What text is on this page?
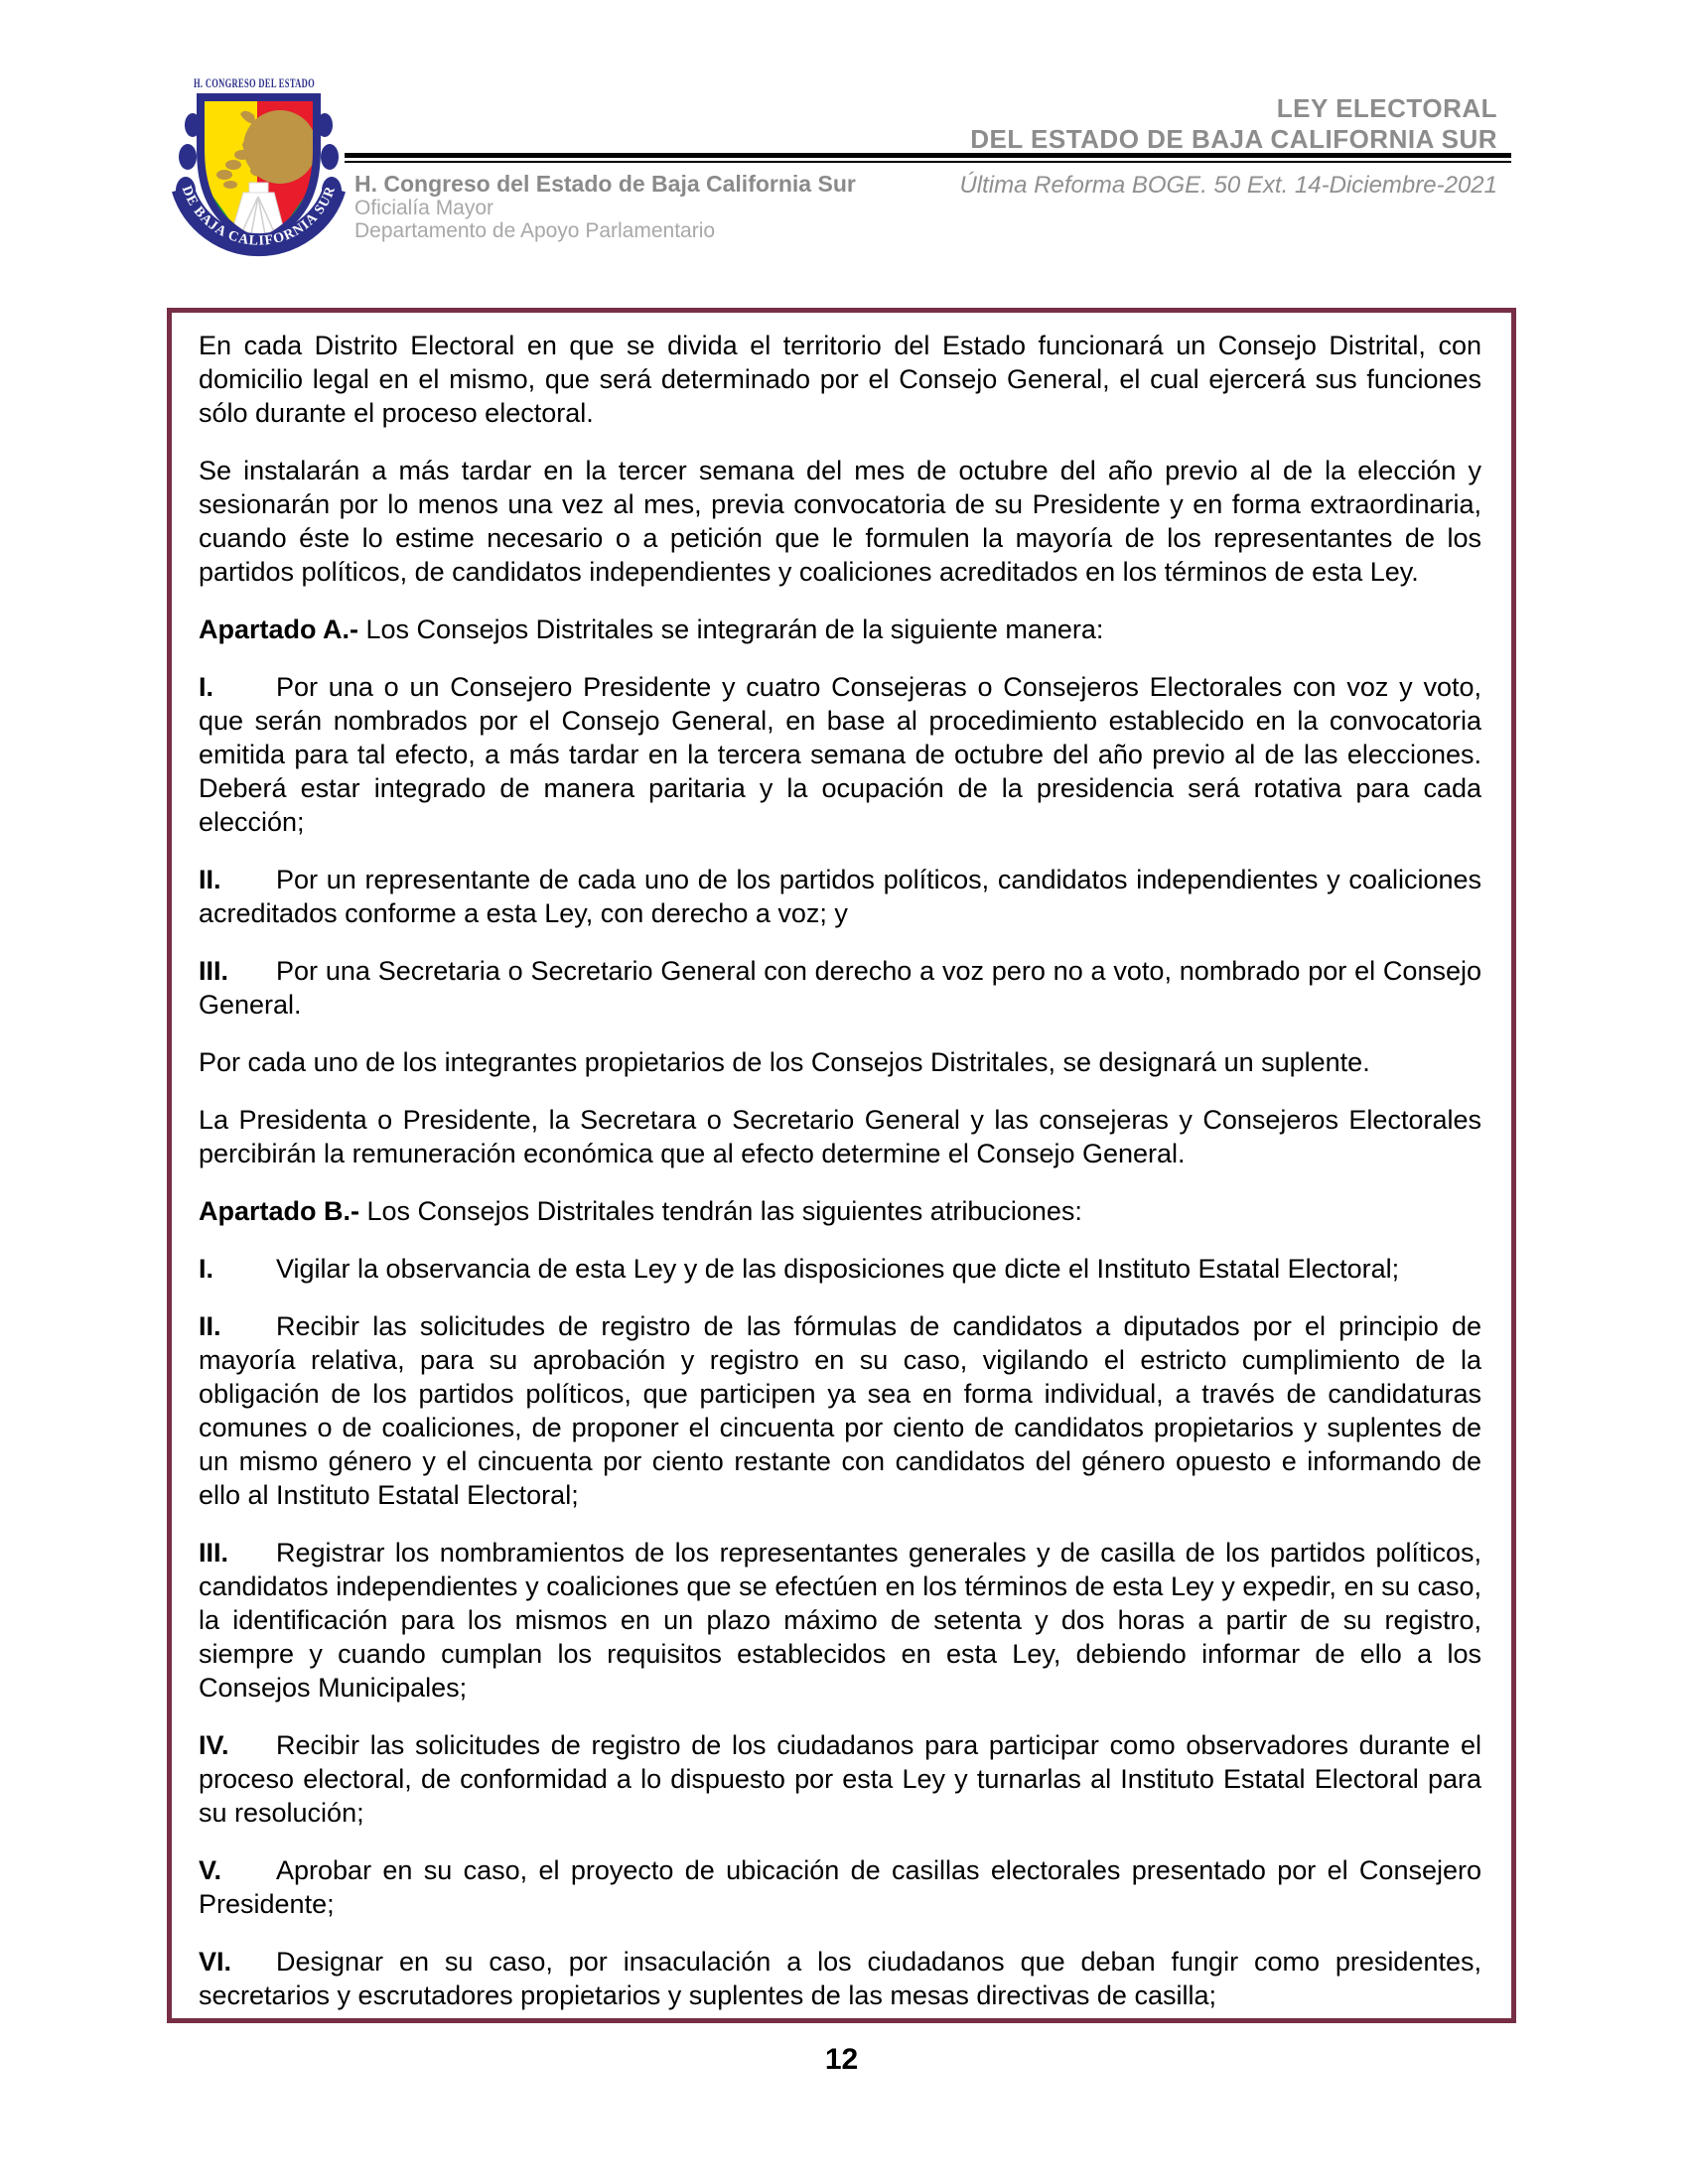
H. CONGRESO DEL ESTADO
DE BAJA CALIFORNIA SUR H. Congreso del Estado de Baja California Sur
Oficialía Mayor
Departamento de Apoyo Parlamentario
LEY ELECTORAL
DEL ESTADO DE BAJA CALIFORNIA SUR
Última Reforma BOGE. 50 Ext. 14-Diciembre-2021

En cada Distrito Electoral en que se divida el territorio del Estado funcionará un Consejo Distrital, con domicilio legal en el mismo, que será determinado por el Consejo General, el cual ejercerá sus funciones sólo durante el proceso electoral.

Se instalarán a más tardar en la tercer semana del mes de octubre del año previo al de la elección y sesionarán por lo menos una vez al mes, previa convocatoria de su Presidente y en forma extraordinaria, cuando éste lo estime necesario o a petición que le formulen la mayoría de los representantes de los partidos políticos, de candidatos independientes y coaliciones acreditados en los términos de esta Ley.

Apartado A.- Los Consejos Distritales se integrarán de la siguiente manera:

I. Por una o un Consejero Presidente y cuatro Consejeras o Consejeros Electorales con voz y voto, que serán nombrados por el Consejo General, en base al procedimiento establecido en la convocatoria emitida para tal efecto, a más tardar en la tercera semana de octubre del año previo al de las elecciones. Deberá estar integrado de manera paritaria y la ocupación de la presidencia será rotativa para cada elección;

II. Por un representante de cada uno de los partidos políticos, candidatos independientes y coaliciones acreditados conforme a esta Ley, con derecho a voz; y

III. Por una Secretaria o Secretario General con derecho a voz pero no a voto, nombrado por el Consejo General.

Por cada uno de los integrantes propietarios de los Consejos Distritales, se designará un suplente.

La Presidenta o Presidente, la Secretara o Secretario General y las consejeras y Consejeros Electorales percibirán la remuneración económica que al efecto determine el Consejo General.

Apartado B.- Los Consejos Distritales tendrán las siguientes atribuciones:

I. Vigilar la observancia de esta Ley y de las disposiciones que dicte el Instituto Estatal Electoral;

II. Recibir las solicitudes de registro de las fórmulas de candidatos a diputados por el principio de mayoría relativa, para su aprobación y registro en su caso, vigilando el estricto cumplimiento de la obligación de los partidos políticos, que participen ya sea en forma individual, a través de candidaturas comunes o de coaliciones, de proponer el cincuenta por ciento de candidatos propietarios y suplentes de un mismo género y el cincuenta por ciento restante con candidatos del género opuesto e informando de ello al Instituto Estatal Electoral;

III. Registrar los nombramientos de los representantes generales y de casilla de los partidos políticos, candidatos independientes y coaliciones que se efectúen en los términos de esta Ley y expedir, en su caso, la identificación para los mismos en un plazo máximo de setenta y dos horas a partir de su registro, siempre y cuando cumplan los requisitos establecidos en esta Ley, debiendo informar de ello a los Consejos Municipales;

IV. Recibir las solicitudes de registro de los ciudadanos para participar como observadores durante el proceso electoral, de conformidad a lo dispuesto por esta Ley y turnarlas al Instituto Estatal Electoral para su resolución;

V. Aprobar en su caso, el proyecto de ubicación de casillas electorales presentado por el Consejero Presidente;

VI. Designar en su caso, por insaculación a los ciudadanos que deban fungir como presidentes, secretarios y escrutadores propietarios y suplentes de las mesas directivas de casilla;

12
